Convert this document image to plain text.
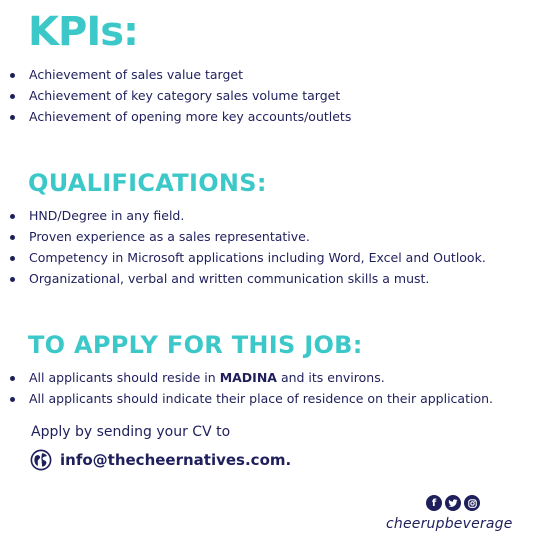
KPIs:
Achievement of sales value target
Achievement of key category sales volume target
Achievement of opening more key accounts/outlets
QUALIFICATIONS:
HND/Degree in any field.
Proven experience as a sales representative.
Competency in Microsoft applications including Word, Excel and Outlook.
Organizational, verbal and written communication skills a must.
TO APPLY FOR THIS JOB:
All applicants should reside in MADINA and its environs.
All applicants should indicate their place of residence on their application.
Apply by sending your CV to
info@thecheernatives.com.
f
cheerupbeverage
